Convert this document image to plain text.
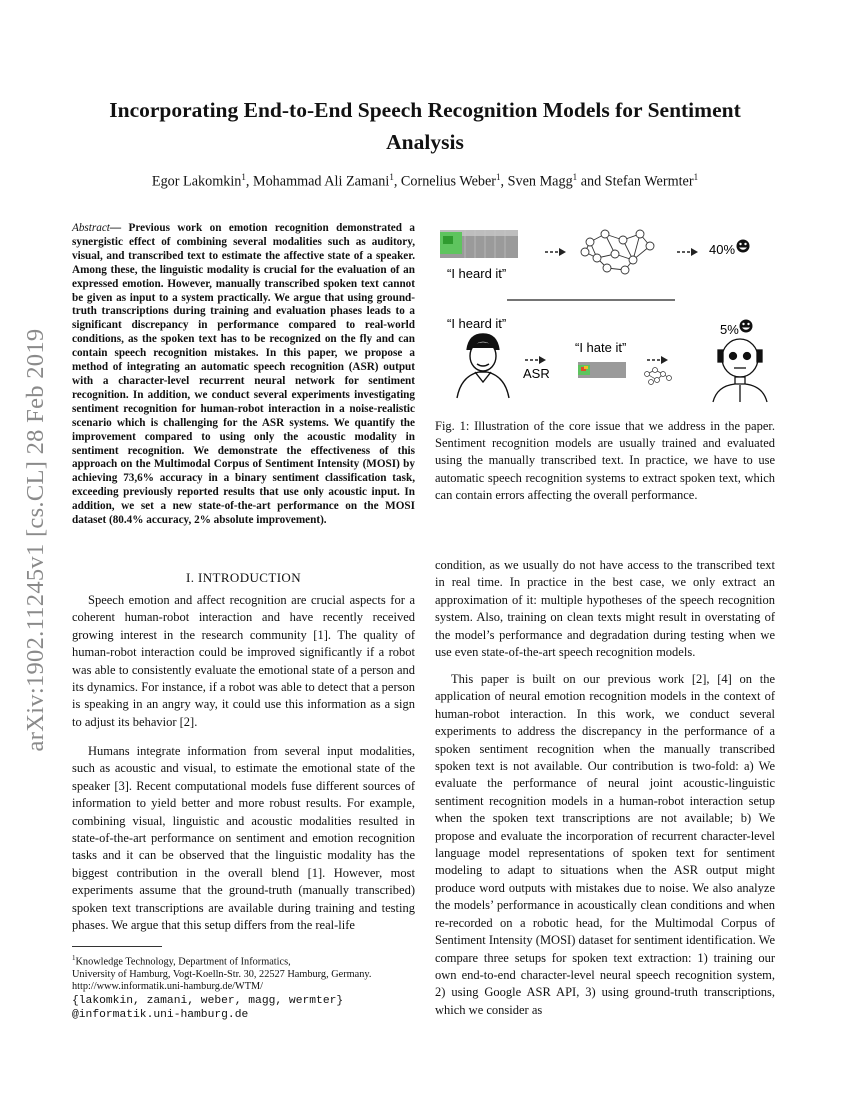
arXiv:1902.11245v1 [cs.CL] 28 Feb 2019
Incorporating End-to-End Speech Recognition Models for Sentiment Analysis
Egor Lakomkin$^1$, Mohammad Ali Zamani$^1$, Cornelius Weber$^1$, Sven Magg$^1$ and Stefan Wermter$^1$
Abstract— Previous work on emotion recognition demonstrated a synergistic effect of combining several modalities such as auditory, visual, and transcribed text to estimate the affective state of a speaker. Among these, the linguistic modality is crucial for the evaluation of an expressed emotion. However, manually transcribed spoken text cannot be given as input to a system practically. We argue that using ground-truth transcriptions during training and evaluation phases leads to a significant discrepancy in performance compared to real-world conditions, as the spoken text has to be recognized on the fly and can contain speech recognition mistakes. In this paper, we propose a method of integrating an automatic speech recognition (ASR) output with a character-level recurrent neural network for sentiment recognition. In addition, we conduct several experiments investigating sentiment recognition for human-robot interaction in a noise-realistic scenario which is challenging for the ASR systems. We quantify the improvement compared to using only the acoustic modality in sentiment recognition. We demonstrate the effectiveness of this approach on the Multimodal Corpus of Sentiment Intensity (MOSI) by achieving 73,6% accuracy in a binary sentiment classification task, exceeding previously reported results that use only acoustic input. In addition, we set a new state-of-the-art performance on the MOSI dataset (80.4% accuracy, 2% absolute improvement).
I. INTRODUCTION

Speech emotion and affect recognition are crucial aspects for a coherent human-robot interaction and have recently received growing interest in the research community [1]. The quality of human-robot interaction could be improved significantly if a robot was able to consistently evaluate the emotional state of a person and its dynamics. For instance, if a robot was able to detect that a person is speaking in an angry way, it could use this information as a sign to adjust its behavior [2].

Humans integrate information from several input modalities, such as acoustic and visual, to estimate the emotional state of the speaker [3]. Recent computational models fuse different sources of information to yield better and more robust results. For example, combining visual, linguistic and acoustic modalities resulted in state-of-the-art performance on sentiment and emotion recognition tasks and it can be observed that the linguistic modality has the biggest contribution in the overall blend [1]. However, most experiments assume that the ground-truth (manually transcribed) spoken text transcriptions are available during training and testing phases. We argue that this setup differs from the real-life

$^1$Knowledge Technology, Department of Informatics,
University of Hamburg, Vogt-Koelln-Str. 30, 22527 Hamburg, Germany.
http://www.informatik.uni-hamburg.de/WTM/
{lakomkin, zamani, weber, magg, wermter}
@informatik.uni-hamburg.de
“I heard it”
40%
“I heard it”
ASR
“I hate it”
5%
Fig. 1: Illustration of the core issue that we address in the paper. Sentiment recognition models are usually trained and evaluated using the manually transcribed text. In practice, we have to use automatic speech recognition systems to extract spoken text, which can contain errors affecting the overall performance.

condition, as we usually do not have access to the transcribed text in real time. In practice in the best case, we only extract an approximation of it: multiple hypotheses of the speech recognition system. Also, training on clean texts might result in overstating of the model’s performance and degradation during testing when we use even state-of-the-art speech recognition models.

This paper is built on our previous work [2], [4] on the application of neural emotion recognition models in the context of human-robot interaction. In this work, we conduct several experiments to address the discrepancy in the performance of a spoken sentiment recognition when the manually transcribed spoken text is not available. Our contribution is two-fold: a) We evaluate the performance of neural joint acoustic-linguistic sentiment recognition models in a human-robot interaction setup when the spoken text transcriptions are not available; b) We propose and evaluate the incorporation of recurrent character-level language model representations of spoken text for sentiment modeling to adapt to situations when the ASR output might produce word outputs with mistakes due to noise. We also analyze the models’ performance in acoustically clean conditions and when re-recorded on a robotic head, for the Multimodal Corpus of Sentiment Intensity (MOSI) dataset for sentiment identification. We compare three setups for spoken text extraction: 1) training our own end-to-end character-level neural speech recognition system, 2) using Google ASR API, 3) using ground-truth transcriptions, which we consider as
